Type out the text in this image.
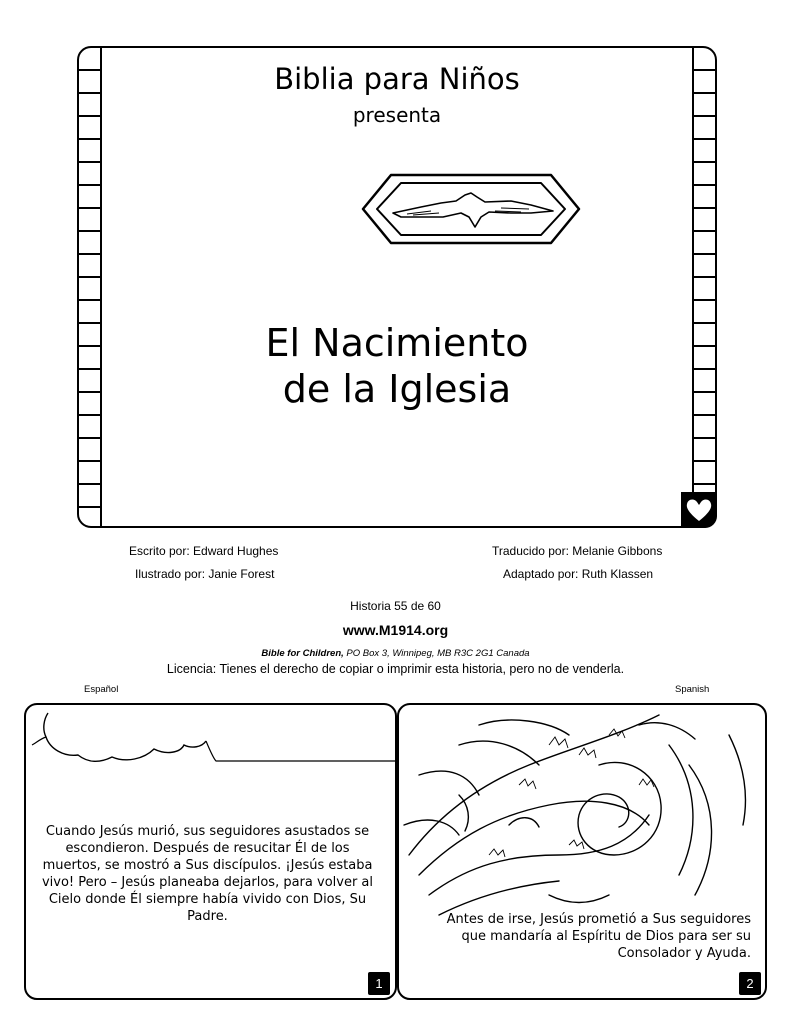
Biblia para Niños
presenta
El Nacimiento
de la Iglesia
Escrito por: Edward Hughes
Ilustrado por: Janie Forest
Traducido por: Melanie Gibbons
Adaptado por: Ruth Klassen
Historia 55 de 60
www.M1914.org
Bible for Children, PO Box 3, Winnipeg, MB R3C 2G1 Canada
Licencia: Tienes el derecho de copiar o imprimir esta historia, pero no de venderla.
Español	Spanish
Cuando Jesús murió, sus seguidores asustados se escondieron. Después de resucitar Él de los muertos, se mostró a Sus discípulos. ¡Jesús estaba vivo! Pero – Jesús planeaba dejarlos, para volver al Cielo donde Él siempre había vivido con Dios, Su Padre.
1
Antes de irse, Jesús prometió a Sus seguidores que mandaría al Espíritu de Dios para ser su Consolador y Ayuda.
2
